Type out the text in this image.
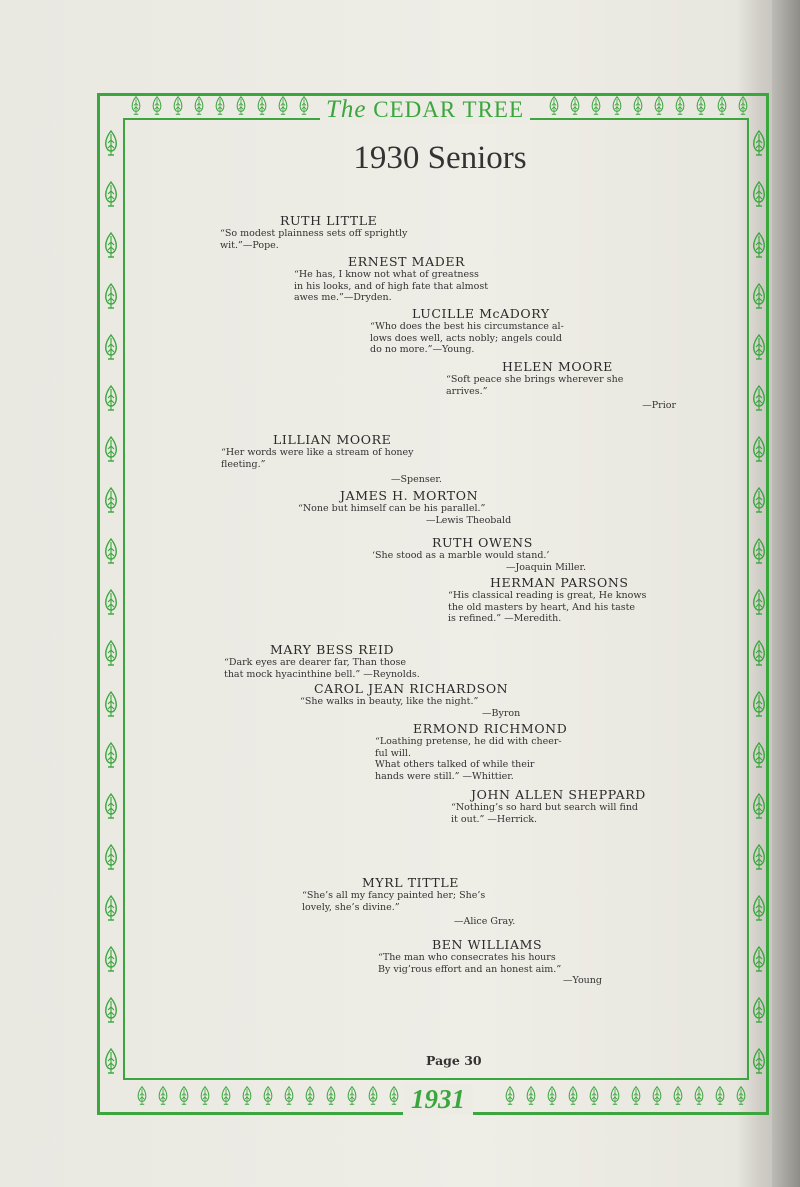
The CEDAR TREE
1931
1930 Seniors
RUTH LITTLE
“So modest plainness sets off sprightly
wit.”—Pope.
ERNEST MADER
“He has, I know not what of greatness
in his looks, and of high fate that almost
awes me.”—Dryden.
LUCILLE McADORY
“Who does the best his circumstance al-
lows does well, acts nobly; angels could
do no more.”—Young.
HELEN MOORE
“Soft peace she brings wherever she
arrives.”
—Prior
LILLIAN MOORE
“Her words were like a stream of honey
fleeting.”
—Spenser.
JAMES H. MORTON
“None but himself can be his parallel.”
—Lewis Theobald
RUTH OWENS
‘She stood as a marble would stand.’
—Joaquin Miller.
HERMAN PARSONS
“His classical reading is great, He knows
the old masters by heart, And his taste
is refined.” —Meredith.
MARY BESS REID
“Dark eyes are dearer far, Than those
that mock hyacinthine bell.” —Reynolds.
CAROL JEAN RICHARDSON
“She walks in beauty, like the night.”
—Byron
ERMOND RICHMOND
“Loathing pretense, he did with cheer-
ful will.
What others talked of while their
hands were still.” —Whittier.
JOHN ALLEN SHEPPARD
“Nothing’s so hard but search will find
it out.” —Herrick.
MYRL TITTLE
“She’s all my fancy painted her; She’s
lovely, she’s divine.”
—Alice Gray.
BEN WILLIAMS
“The man who consecrates his hours
By vig’rous effort and an honest aim.”
—Young
Page 30
